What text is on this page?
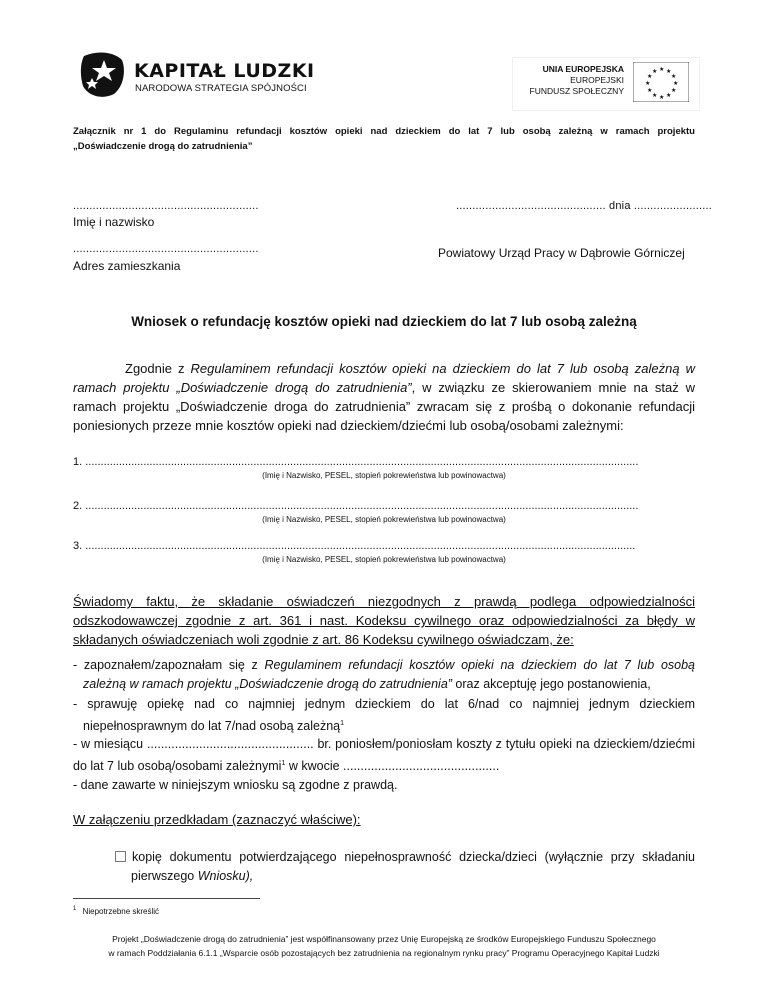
KAPITAŁ LUDZKI
NARODOWA STRATEGIA SPÓJNOŚCI
UNIA EUROPEJSKA
EUROPEJSKI
FUNDUSZ SPOŁECZNY
★ ★
★
★
★
★
★
★
★
★
★
★
Załącznik nr 1 do Regulaminu refundacji kosztów opieki nad dzieckiem do lat 7 lub osobą zależną w ramach projektu
„Doświadczenie drogą do zatrudnienia”
.........................................................
Imię i nazwisko
.............................................. dnia ........................
.........................................................
Adres zamieszkania
Powiatowy Urząd Pracy w Dąbrowie Górniczej
Wniosek o refundację kosztów opieki nad dzieckiem do lat 7 lub osobą zależną
Zgodnie z Regulaminem refundacji kosztów opieki na dzieckiem do lat 7 lub osobą zależną w ramach projektu „Doświadczenie drogą do zatrudnienia”, w związku ze skierowaniem mnie na staż w ramach projektu „Doświadczenie droga do zatrudnienia” zwracam się z prośbą o dokonanie refundacji poniesionych przeze mnie kosztów opieki nad dzieckiem/dziećmi lub osobą/osobami zależnymi:
1. .....................................................................................................................................................................................
(Imię i Nazwisko, PESEL, stopień pokrewieństwa lub powinowactwa)
2. .....................................................................................................................................................................................
(Imię i Nazwisko, PESEL, stopień pokrewieństwa lub powinowactwa)
3. ....................................................................................................................................................................................
(Imię i Nazwisko, PESEL, stopień pokrewieństwa lub powinowactwa)
Świadomy faktu, że składanie oświadczeń niezgodnych z prawdą podlega odpowiedzialności odszkodowawczej zgodnie z art. 361 i nast. Kodeksu cywilnego oraz odpowiedzialności za błędy w składanych oświadczeniach woli zgodnie z art. 86 Kodeksu cywilnego oświadczam, że:
- zapoznałem/zapoznałam się z Regulaminem refundacji kosztów opieki na dzieckiem do lat 7 lub osobą zależną w ramach projektu „Doświadczenie drogą do zatrudnienia” oraz akceptuję jego postanowienia,
- sprawuję opiekę nad co najmniej jednym dzieckiem do lat 6/nad co najmniej jednym dzieckiem niepełnosprawnym do lat 7/nad osobą zależną$^1$
- w miesiącu ................................................ br. poniosłem/poniosłam koszty z tytułu opieki na dzieckiem/dziećmi do lat 7 lub osobą/osobami zależnymi$^1$ w kwocie .............................................
- dane zawarte w niniejszym wniosku są zgodne z prawdą.
W załączeniu przedkładam (zaznaczyć właściwe):
kopię dokumentu potwierdzającego niepełnosprawność dziecka/dzieci (wyłącznie przy składaniu pierwszego Wniosku),
$^1$ Niepotrzebne skreślić
Projekt „Doświadczenie drogą do zatrudnienia” jest współfinansowany przez Unię Europejską ze środków Europejskiego Funduszu Społecznego
w ramach Poddziałania 6.1.1 „Wsparcie osób pozostających bez zatrudnienia na regionalnym rynku pracy” Programu Operacyjnego Kapitał Ludzki
